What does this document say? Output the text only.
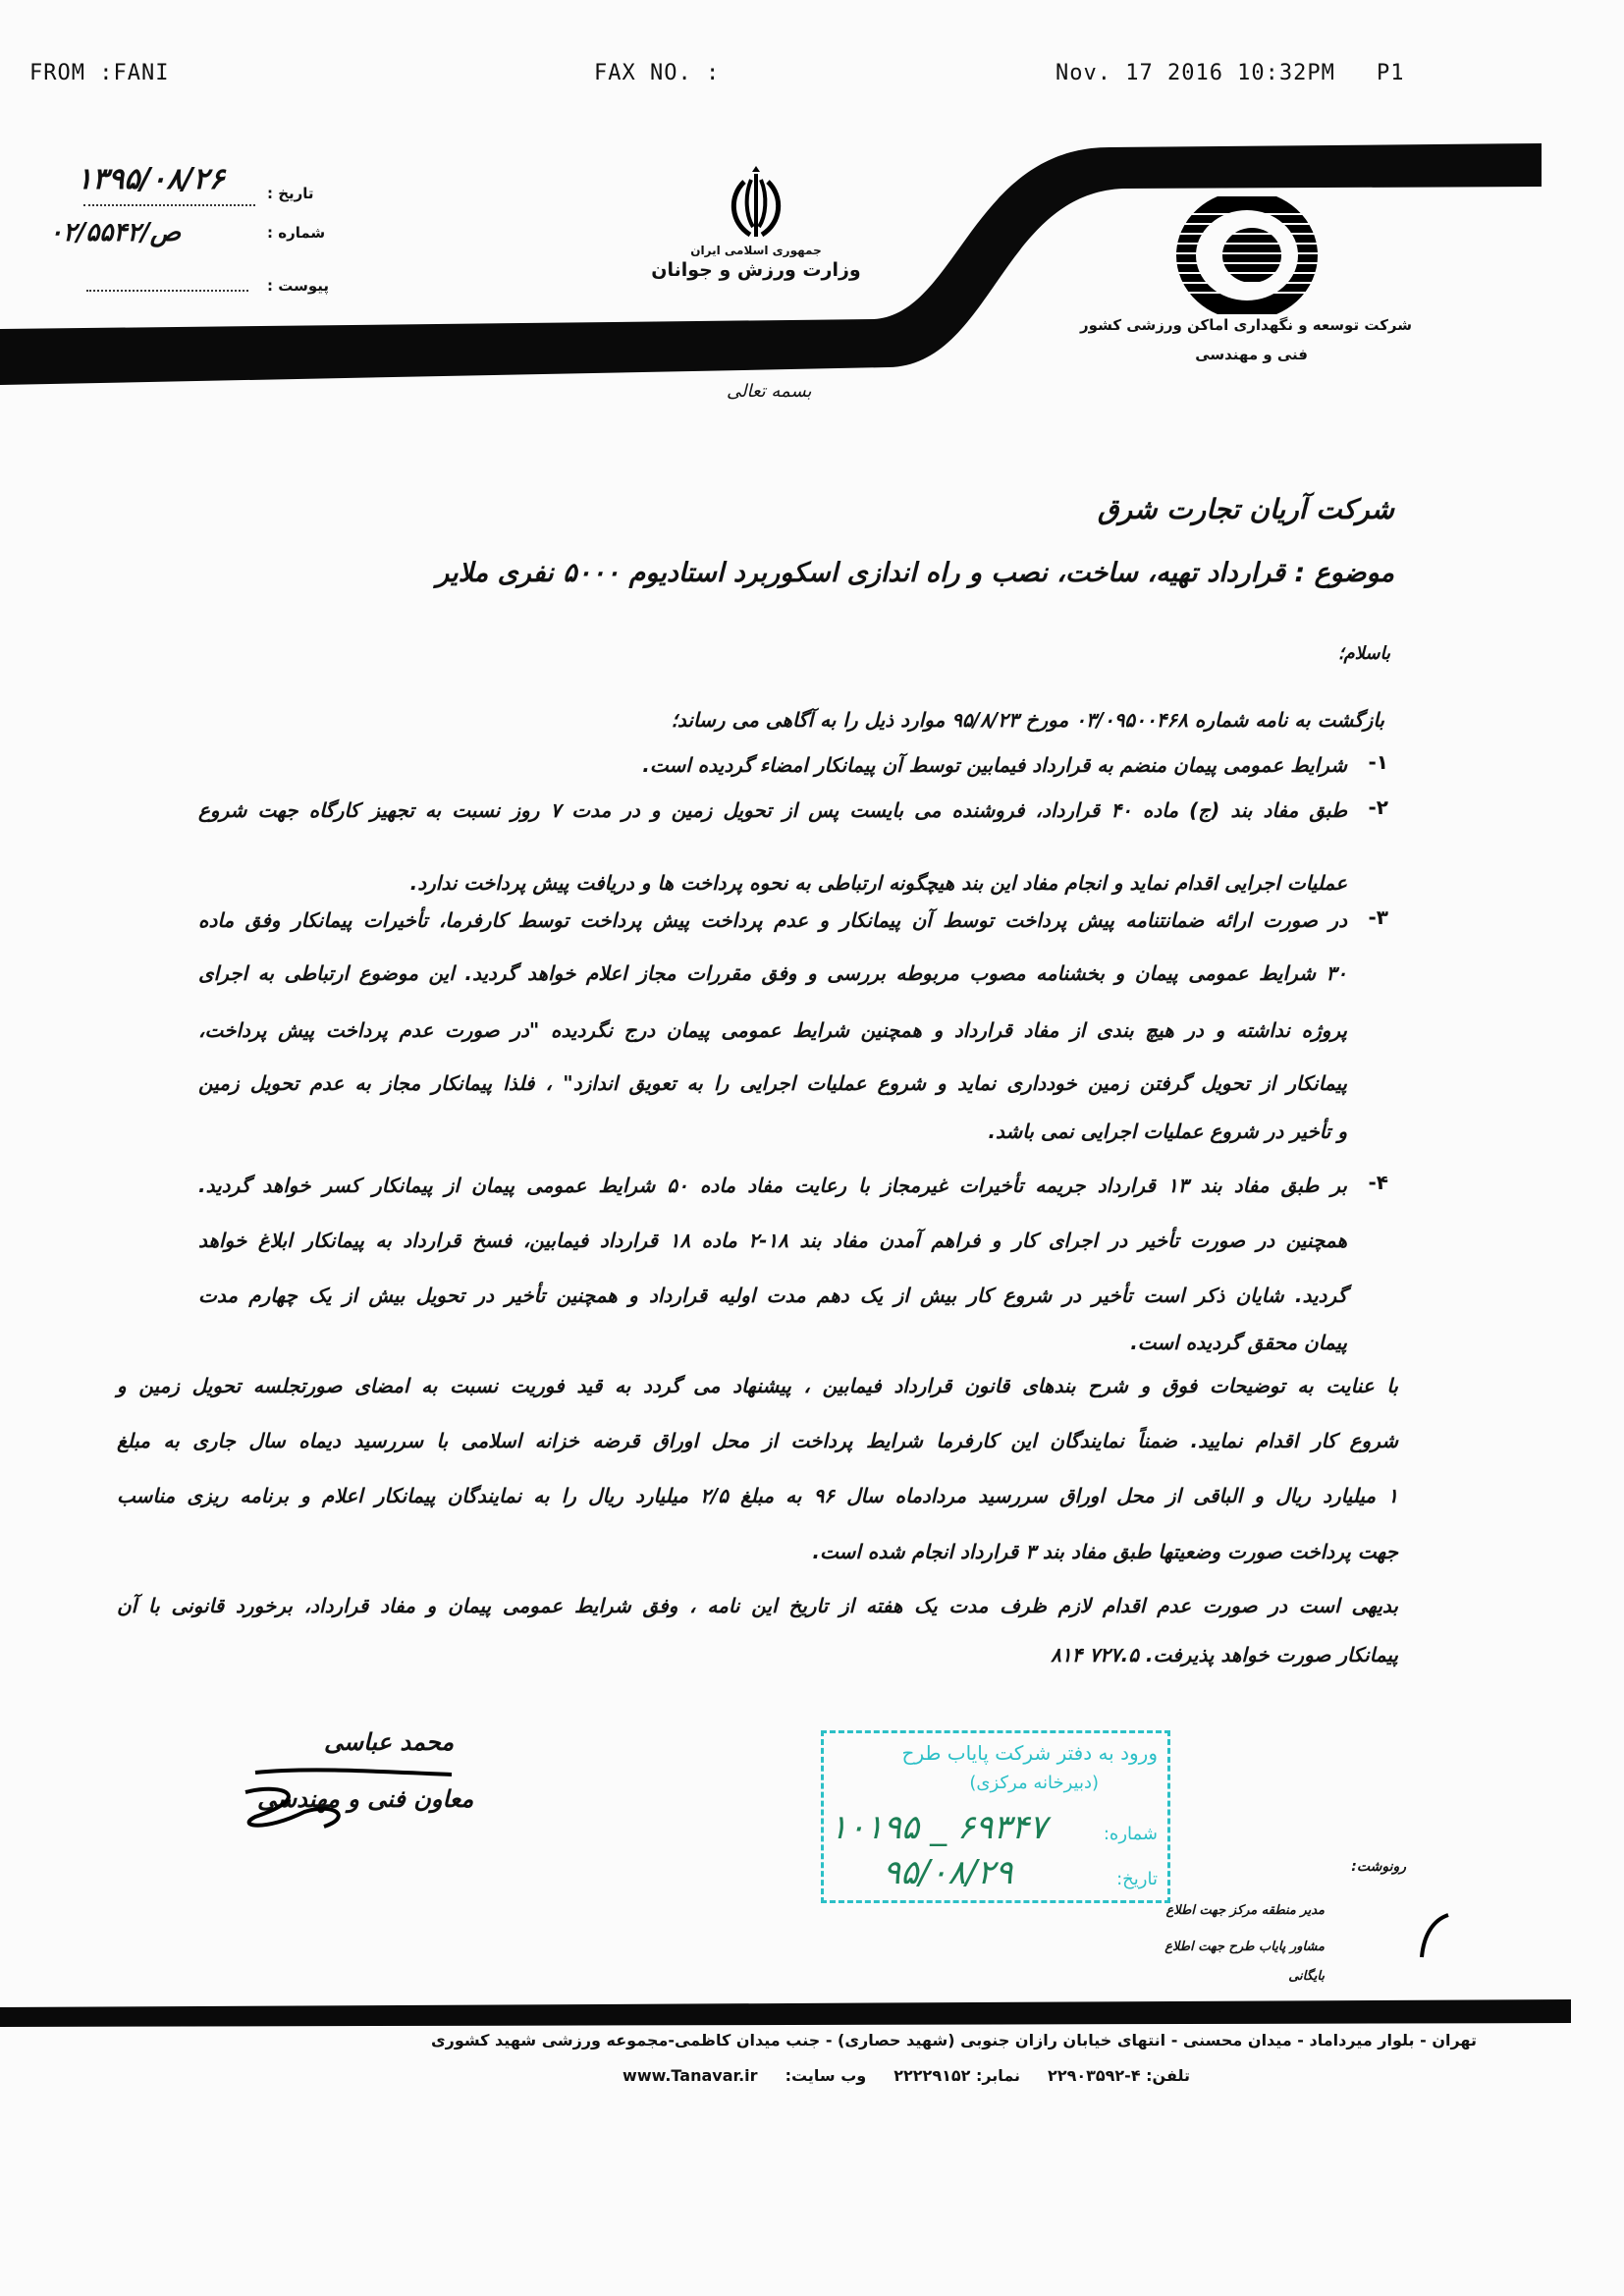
FROM :FANI	FAX NO. :	Nov. 17 2016 10:32PM P1
تاریخ :
۱۳۹۵/۰۸/۲۶
شماره :
ص/۰۲/۵۵۴۲
پیوست :
جمهوری اسلامی ایران
وزارت ورزش و جوانان
شرکت توسعه و نگهداری اماکن ورزشی کشور
فنی و مهندسی
بسمه تعالی
شرکت آریان تجارت شرق
موضوع : قرارداد تهیه، ساخت، نصب و راه اندازی اسکوربرد استادیوم ۵۰۰۰ نفری ملایر
باسلام؛
بازگشت به نامه شماره ۰۳/۰۹۵۰۰۴۶۸ مورخ ۹۵/۸/۲۳ موارد ذیل را به آگاهی می رساند؛
۱-
شرایط عمومی پیمان منضم به قرارداد فیمابین توسط آن پیمانکار امضاء گردیده است.
۲-
طبق مفاد بند (ج) ماده ۴۰ قرارداد، فروشنده می بایست پس از تحویل زمین و در مدت ۷ روز نسبت به تجهیز کارگاه جهت شروع
عملیات اجرایی اقدام نماید و انجام مفاد این بند هیچگونه ارتباطی به نحوه پرداخت ها و دریافت پیش پرداخت ندارد.
۳-
در صورت ارائه ضمانتنامه پیش پرداخت توسط آن پیمانکار و عدم پرداخت پیش پرداخت توسط کارفرما، تأخیرات پیمانکار وفق ماده
۳۰ شرایط عمومی پیمان و بخشنامه مصوب مربوطه بررسی و وفق مقررات مجاز اعلام خواهد گردید. این موضوع ارتباطی به اجرای
پروژه نداشته و در هیچ بندی از مفاد قرارداد و همچنین شرایط عمومی پیمان درج نگردیده "در صورت عدم پرداخت پیش پرداخت،
پیمانکار از تحویل گرفتن زمین خودداری نماید و شروع عملیات اجرایی را به تعویق اندازد" ، فلذا پیمانکار مجاز به عدم تحویل زمین
و تأخیر در شروع عملیات اجرایی نمی باشد.
۴-
بر طبق مفاد بند ۱۳ قرارداد جریمه تأخیرات غیرمجاز با رعایت مفاد ماده ۵۰ شرایط عمومی پیمان از پیمانکار کسر خواهد گردید.
همچنین در صورت تأخیر در اجرای کار و فراهم آمدن مفاد بند ۱۸-۲ ماده ۱۸ قرارداد فیمابین، فسخ قرارداد به پیمانکار ابلاغ خواهد
گردید. شایان ذکر است تأخیر در شروع کار بیش از یک دهم مدت اولیه قرارداد و همچنین تأخیر در تحویل بیش از یک چهارم مدت
پیمان محقق گردیده است.
با عنایت به توضیحات فوق و شرح بندهای قانون قرارداد فیمابین ، پیشنهاد می گردد به قید فوریت نسبت به امضای صورتجلسه تحویل زمین و
شروع کار اقدام نمایید. ضمناً نمایندگان این کارفرما شرایط پرداخت از محل اوراق قرضه خزانه اسلامی با سررسید دیماه سال جاری به مبلغ
۱ میلیارد ریال و الباقی از محل اوراق سررسید مردادماه سال ۹۶ به مبلغ ۲/۵ میلیارد ریال را به نمایندگان پیمانکار اعلام و برنامه ریزی مناسب
جهت پرداخت صورت وضعیتها طبق مفاد بند ۳ قرارداد انجام شده است.
بدیهی است در صورت عدم اقدام لازم ظرف مدت یک هفته از تاریخ این نامه ، وفق شرایط عمومی پیمان و مفاد قرارداد، برخورد قانونی با آن
پیمانکار صورت خواهد پذیرفت. ۷۲۷.۵ ۸۱۴
محمد عباسی
معاون فنی و مهندسی
ورود به دفتر شرکت پایاب طرح
(دبیرخانه مرکزی)
شماره:
۱۰۱۹۵ _ ۶۹۳۴۷
تاریخ:
۹۵/۰۸/۲۹	رونوشت:
مدیر منطقه مرکز جهت اطلاع
مشاور پایاب طرح جهت اطلاع
بایگانی
تهران - بلوار میرداماد - میدان محسنی - انتهای خیابان رازان جنوبی (شهید حصاری) - جنب میدان کاظمی-مجموعه ورزشی شهید کشوری
تلفن: ۴-۲۲۹۰۳۵۹۲
نمابر: ۲۲۲۲۹۱۵۲
وب سایت:
www.Tanavar.ir
